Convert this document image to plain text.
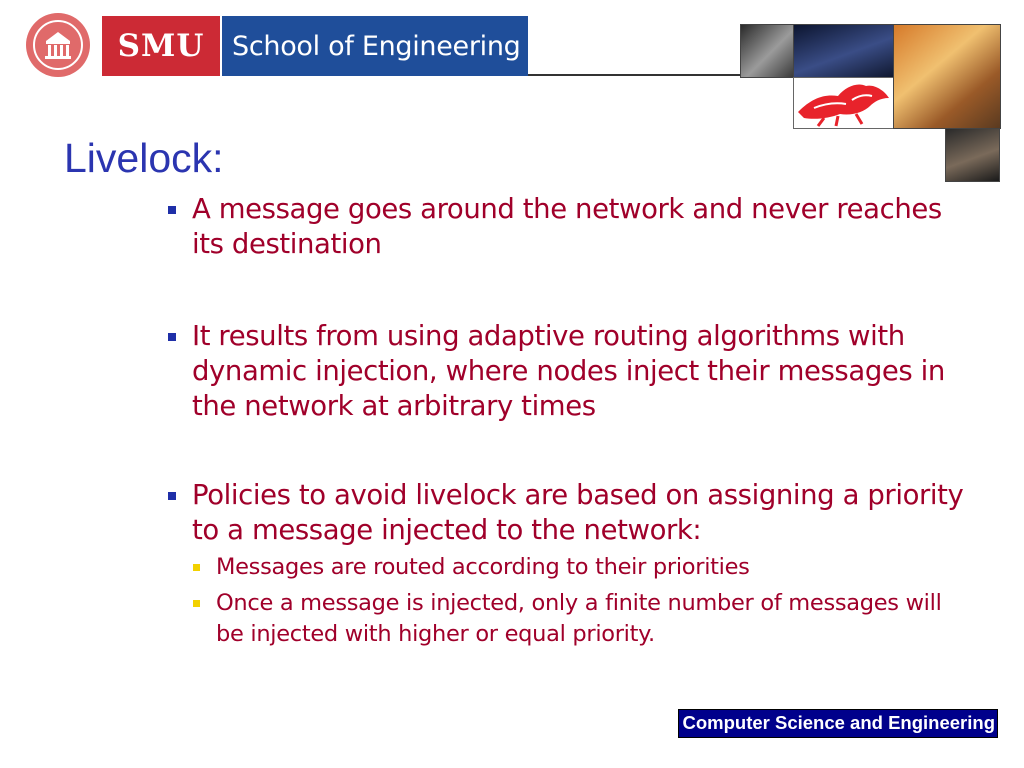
SMU School of Engineering
Livelock:
A message goes around the network and never reaches its destination
It results from using adaptive routing algorithms with dynamic injection, where nodes inject their messages in the network at arbitrary times
Policies to avoid livelock are based on assigning a priority to a message injected to the network:
Messages are routed according to their priorities
Once a message is injected, only a finite number of messages will be injected with higher or equal priority.
Computer Science and Engineering
